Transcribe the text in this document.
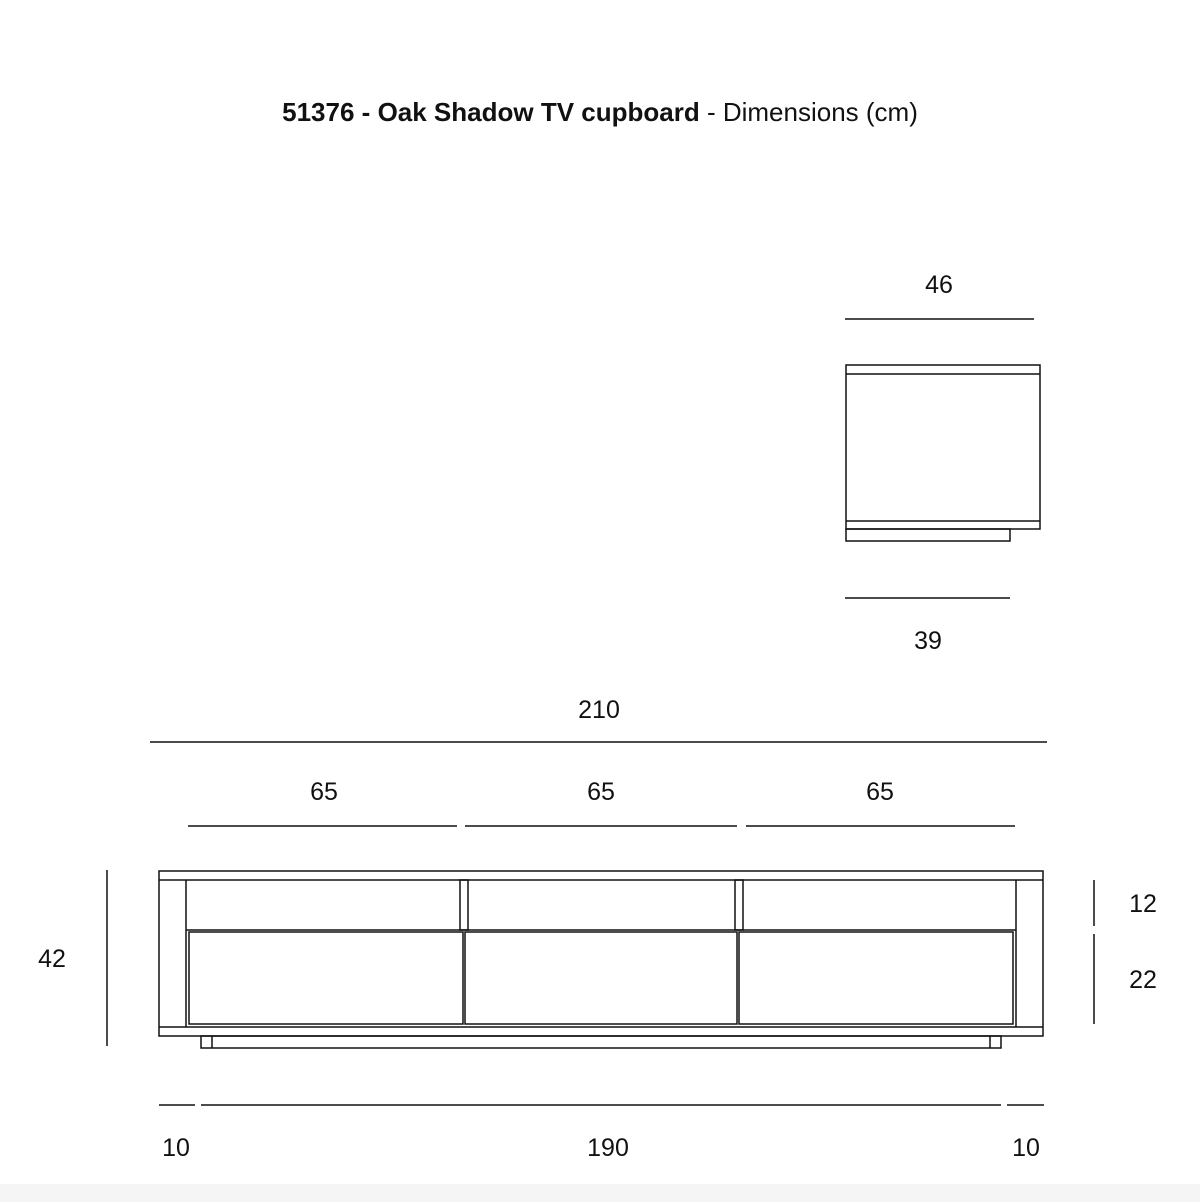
51376 - Oak Shadow TV cupboard - Dimensions (cm)
46
39
210
65	65	65
42
12
22
10	190	10
